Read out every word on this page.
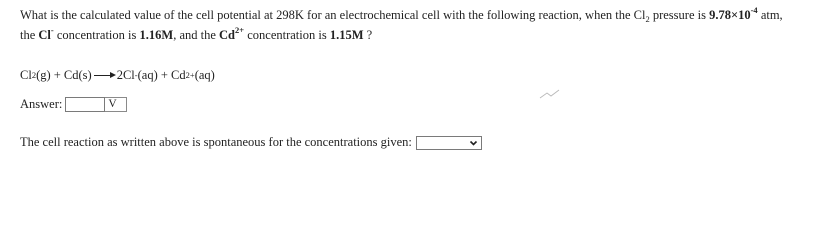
What is the calculated value of the cell potential at 298K for an electrochemical cell with the following reaction, when the $Cl_2$ pressure is $9.78\times 10^{-4}$ atm,
the Cl- concentration is 1.16M, and the $Cd^{2+}$ concentration is 1.15M ?
Cl 2 (g) + Cd(s) 2Cl - (aq) + Cd 2+ (aq)
Answer:	V
The cell reaction as written above is spontaneous for the concentrations given:
